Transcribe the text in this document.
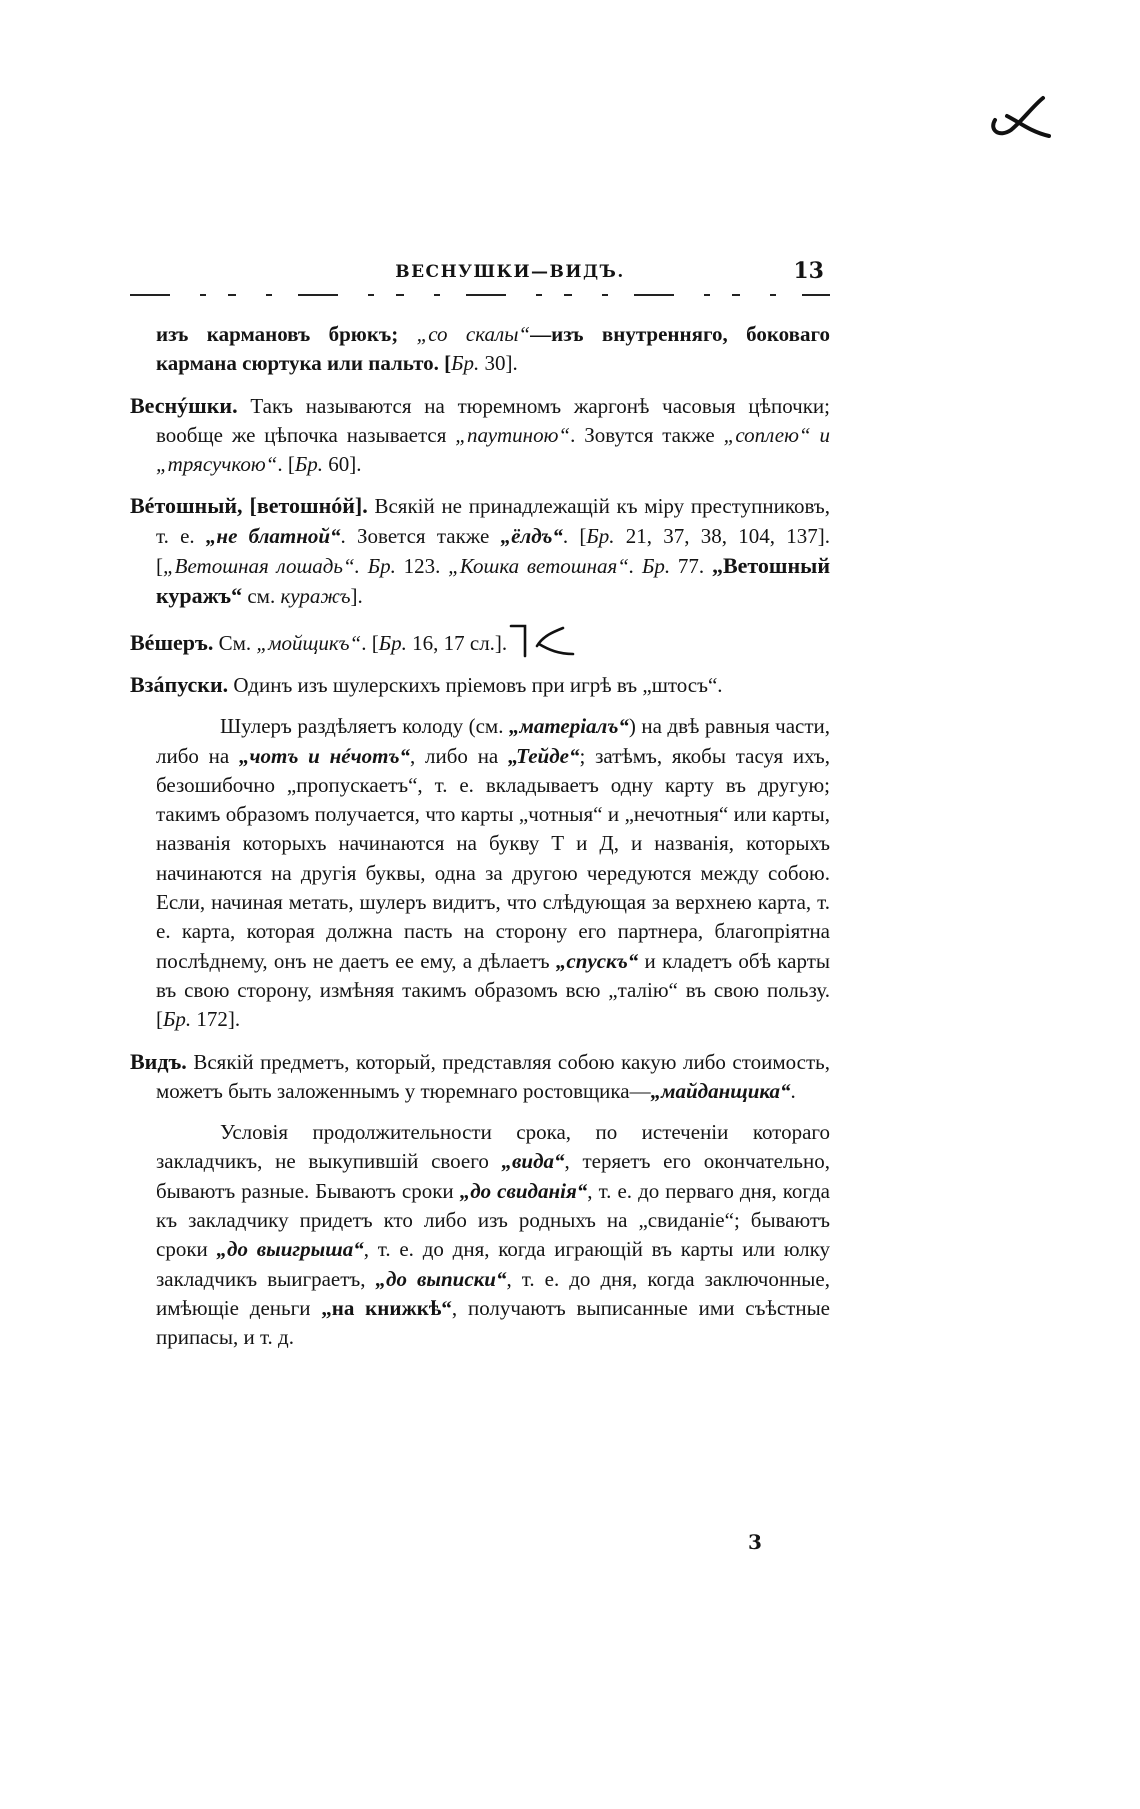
ВЕСНУШКИ—ВИДЪ.	13

изъ кармановъ брюкъ; „со скалы“—изъ внутренняго, боковаго кармана сюртука или пальто. [Бр. 30].

Веснýшки. Такъ называются на тюремномъ жаргонѣ часовыя цѣпочки; вообще же цѣпочка называется „паутиною“. Зовутся также „соплею“ и „трясучкою“. [Бр. 60].

Вéтошный, [ветошнóй]. Всякій не принадлежащій къ міру преступниковъ, т. е. „не блатной“. Зовется также „ёлдъ“. [Бр. 21, 37, 38, 104, 137]. [„Ветошная лошадь“. Бр. 123. „Кошка ветошная“. Бр. 77. „Ветошный куражъ“ см. куражъ].

Вéшеръ. См. „мойщикъ“. [Бр. 16, 17 сл.].

Взáпуски. Одинъ изъ шулерскихъ пріемовъ при игрѣ въ „штосъ“.

Шулеръ раздѣляетъ колоду (см. „матеріалъ“) на двѣ равныя части, либо на „чотъ и нéчотъ“, либо на „Тейде“; затѣмъ, якобы тасуя ихъ, безошибочно „пропускаетъ“, т. е. вкладываетъ одну карту въ другую; такимъ образомъ получается, что карты „чотныя“ и „нечотныя“ или карты, названія которыхъ начинаются на букву Т и Д, и названія, которыхъ начинаются на другія буквы, одна за другою чередуются между собою. Если, начиная метать, шулеръ видитъ, что слѣдующая за верхнею карта, т. е. карта, которая должна пасть на сторону его партнера, благопріятна послѣднему, онъ не даетъ ее ему, а дѣлаетъ „спускъ“ и кладетъ обѣ карты въ свою сторону, измѣняя такимъ образомъ всю „талію“ въ свою пользу. [Бр. 172].

Видъ. Всякій предметъ, который, представляя собою какую либо стоимость, можетъ быть заложеннымъ у тюремнаго ростовщика—„майданщика“.

Условія продолжительности срока, по истеченіи котораго закладчикъ, не выкупившій своего „вида“, теряетъ его окончательно, бываютъ разные. Бываютъ сроки „до свиданія“, т. е. до перваго дня, когда къ закладчику придетъ кто либо изъ родныхъ на „свиданіе“; бываютъ сроки „до выигрыша“, т. е. до дня, когда играющій въ карты или юлку закладчикъ выиграетъ, „до выписки“, т. е. до дня, когда заключонные, имѣющіе деньги „на книжкѣ“, получаютъ выписанные ими съѣстные припасы, и т. д.

3
